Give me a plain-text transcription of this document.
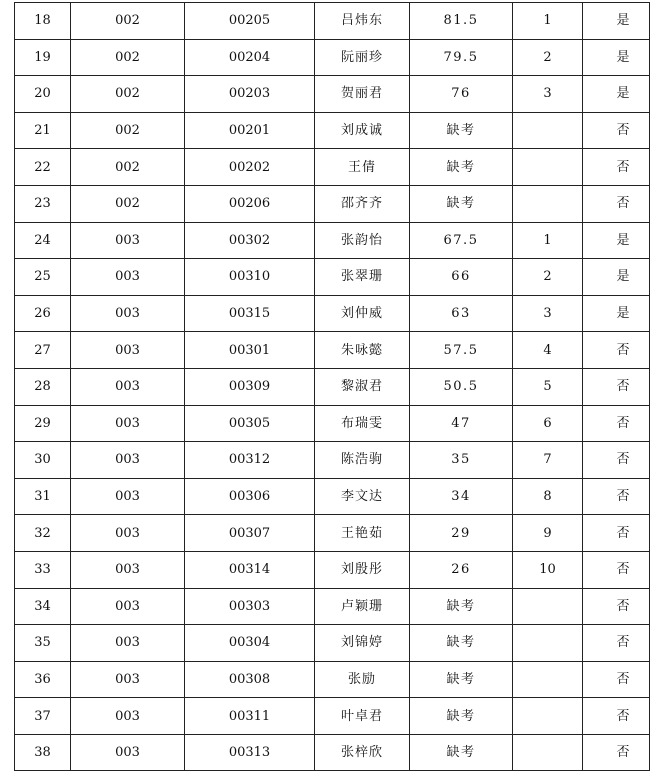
18	002	00205	吕炜东	81.5	1	是
19	002	00204	阮丽珍	79.5	2	是
20	002	00203	贺丽君	76	3	是
21	002	00201	刘成诚	缺考		否
22	002	00202	王倩	缺考		否
23	002	00206	邵齐齐	缺考		否
24	003	00302	张韵怡	67.5	1	是
25	003	00310	张翠珊	66	2	是
26	003	00315	刘仲威	63	3	是
27	003	00301	朱咏懿	57.5	4	否
28	003	00309	黎淑君	50.5	5	否
29	003	00305	布瑞雯	47	6	否
30	003	00312	陈浩驹	35	7	否
31	003	00306	李文达	34	8	否
32	003	00307	王艳茹	29	9	否
33	003	00314	刘殷彤	26	10	否
34	003	00303	卢颖珊	缺考		否
35	003	00304	刘锦婷	缺考		否
36	003	00308	张励	缺考		否
37	003	00311	叶卓君	缺考		否
38	003	00313	张梓欣	缺考		否
